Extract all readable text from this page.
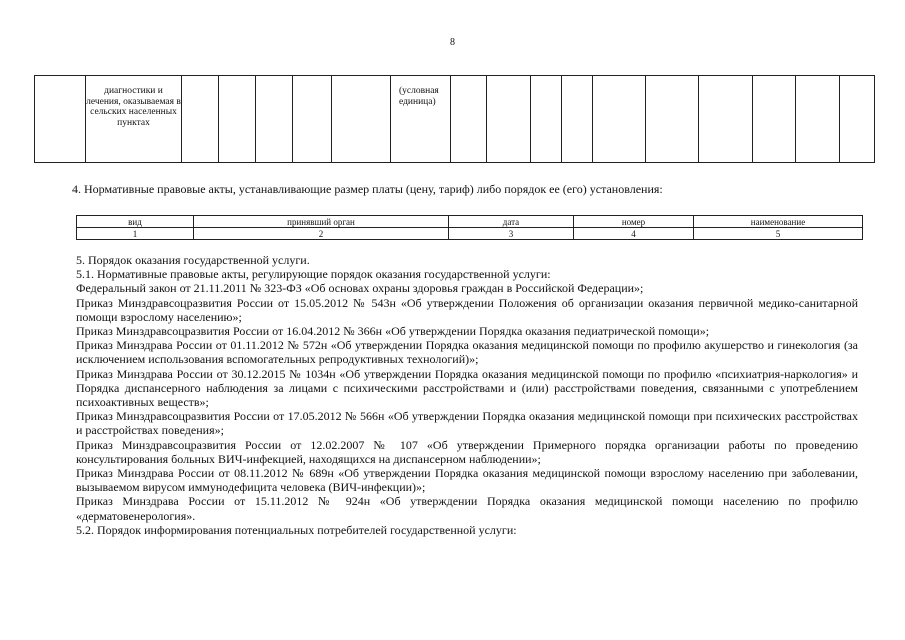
8
	диагностики и лечения, оказываемая в сельских населенных пунктах						(условная единица)										
4. Нормативные правовые акты, устанавливающие размер платы (цену, тариф) либо порядок ее (его) установления:
вид	принявший орган	дата	номер	наименование
1	2	3	4	5

5. Порядок оказания государственной услуги.

5.1. Нормативные правовые акты, регулирующие порядок оказания государственной услуги:

Федеральный закон от 21.11.2011 № 323-ФЗ «Об основах охраны здоровья граждан в Российской Федерации»;

Приказ Минздравсоцразвития России от 15.05.2012 № 543н «Об утверждении Положения об организации оказания первичной медико-санитарной помощи взрослому населению»;

Приказ Минздравсоцразвития России от 16.04.2012 № 366н «Об утверждении Порядка оказания педиатрической помощи»;

Приказ Минздрава России от 01.11.2012 № 572н «Об утверждении Порядка оказания медицинской помощи по профилю акушерство и гинекология (за исключением использования вспомогательных репродуктивных технологий)»;

Приказ Минздрава России от 30.12.2015 № 1034н «Об утверждении Порядка оказания медицинской помощи по профилю «психиатрия-наркология» и Порядка диспансерного наблюдения за лицами с психическими расстройствами и (или) расстройствами поведения, связанными с употреблением психоактивных веществ»;

Приказ Минздравсоцразвития России от 17.05.2012 № 566н «Об утверждении Порядка оказания медицинской помощи при психических расстройствах и расстройствах поведения»;

Приказ Минздравсоцразвития России от 12.02.2007 № 107 «Об утверждении Примерного порядка организации работы по проведению консультирования больных ВИЧ-инфекцией, находящихся на диспансерном наблюдении»;

Приказ Минздрава России от 08.11.2012 № 689н «Об утверждении Порядка оказания медицинской помощи взрослому населению при заболевании, вызываемом вирусом иммунодефицита человека (ВИЧ-инфекции)»;

Приказ Минздрава России от 15.11.2012 № 924н «Об утверждении Порядка оказания медицинской помощи населению по профилю «дерматовенерология».

5.2. Порядок информирования потенциальных потребителей государственной услуги:
